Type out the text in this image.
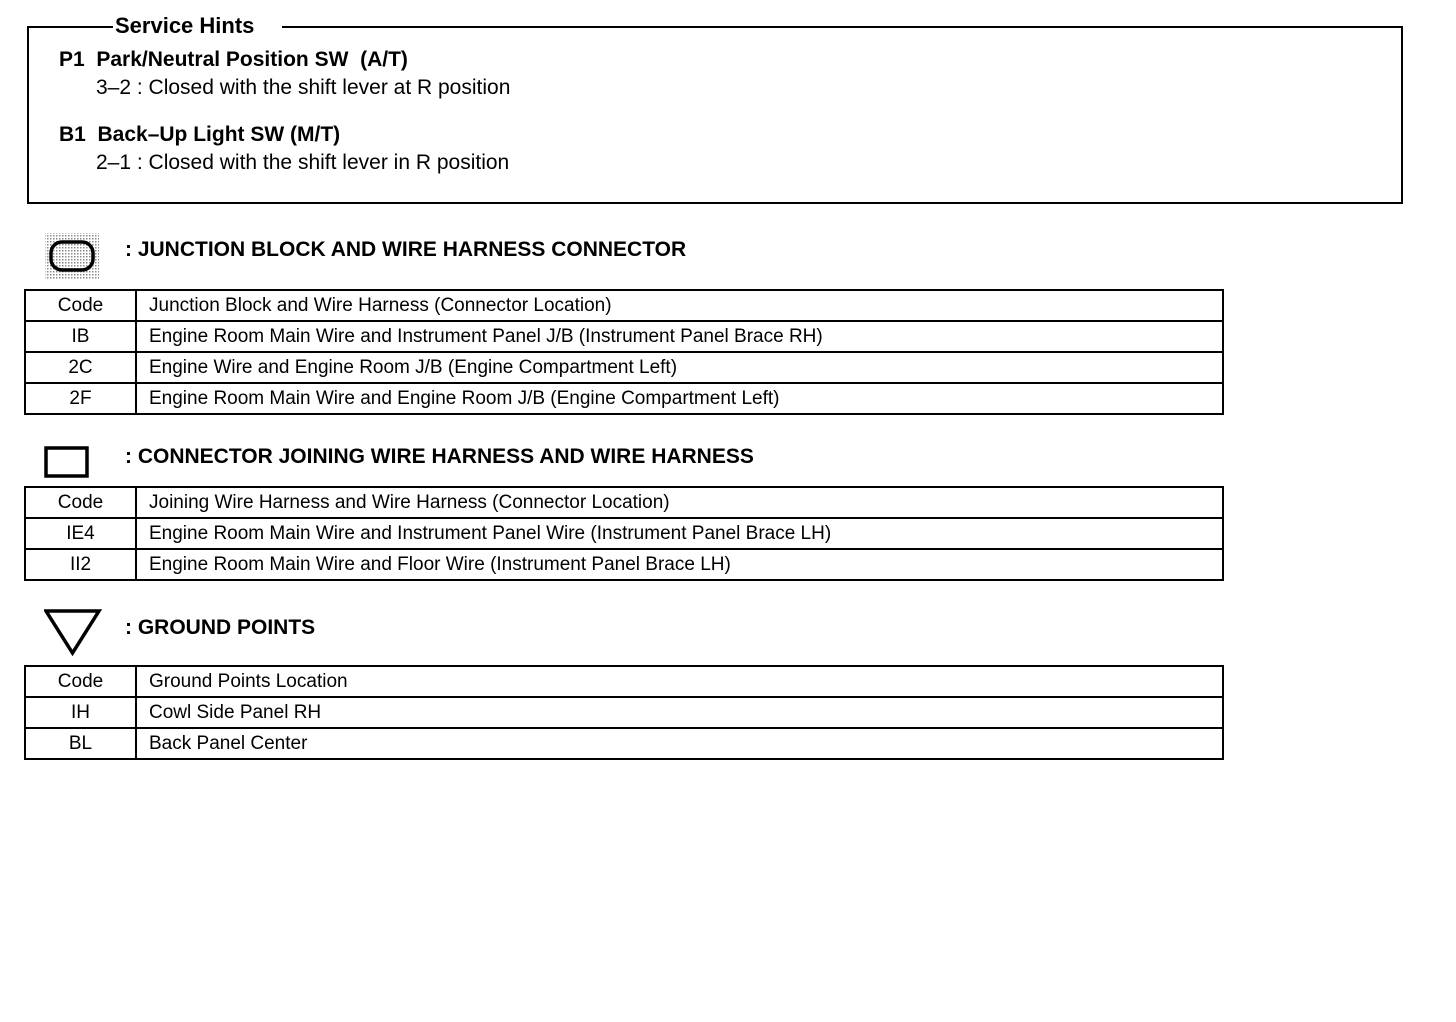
Service Hints
P1  Park/Neutral Position SW  (A/T)
3–2 : Closed with the shift lever at R position
B1  Back–Up Light SW (M/T)
2–1 : Closed with the shift lever in R position
: JUNCTION BLOCK AND WIRE HARNESS CONNECTOR
Code	Junction Block and Wire Harness (Connector Location)
IB	Engine Room Main Wire and Instrument Panel J/B (Instrument Panel Brace RH)
2C	Engine Wire and Engine Room J/B (Engine Compartment Left)
2F	Engine Room Main Wire and Engine Room J/B (Engine Compartment Left)
: CONNECTOR JOINING WIRE HARNESS AND WIRE HARNESS
Code	Joining Wire Harness and Wire Harness (Connector Location)
IE4	Engine Room Main Wire and Instrument Panel Wire (Instrument Panel Brace LH)
II2	Engine Room Main Wire and Floor Wire (Instrument Panel Brace LH)
: GROUND POINTS
Code	Ground Points Location
IH	Cowl Side Panel RH
BL	Back Panel Center
